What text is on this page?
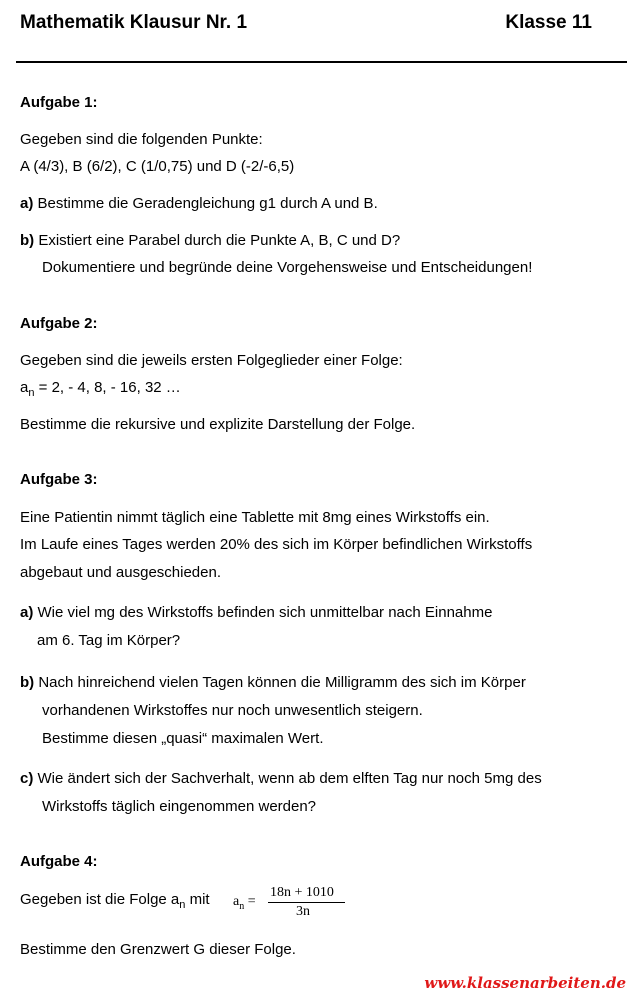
Mathematik Klausur Nr. 1	Klasse 11
Aufgabe 1:
Gegeben sind die folgenden Punkte:
A (4/3), B (6/2), C (1/0,75) und D (-2/-6,5)
a) Bestimme die Geradengleichung g1 durch A und B.
b) Existiert eine Parabel durch die Punkte A, B, C und D?
Dokumentiere und begründe deine Vorgehensweise und Entscheidungen!
Aufgabe 2:
Gegeben sind die jeweils ersten Folgeglieder einer Folge:
$a_n = 2$, - 4, 8, - 16, 32 …
Bestimme die rekursive und explizite Darstellung der Folge.
Aufgabe 3:
Eine Patientin nimmt täglich eine Tablette mit 8mg eines Wirkstoffs ein.
Im Laufe eines Tages werden 20% des sich im Körper befindlichen Wirkstoffs
abgebaut und ausgeschieden.
a) Wie viel mg des Wirkstoffs befinden sich unmittelbar nach Einnahme
am 6. Tag im Körper?
b) Nach hinreichend vielen Tagen können die Milligramm des sich im Körper
vorhandenen Wirkstoffes nur noch unwesentlich steigern.
Bestimme diesen „quasi“ maximalen Wert.
c) Wie ändert sich der Sachverhalt, wenn ab dem elften Tag nur noch 5mg des
Wirkstoffs täglich eingenommen werden?
Aufgabe 4:
Gegeben ist die Folge $a_n$ mit $a_n$ =
18n + 1010
3n
Bestimme den Grenzwert G dieser Folge.
www.klassenarbeiten.de
